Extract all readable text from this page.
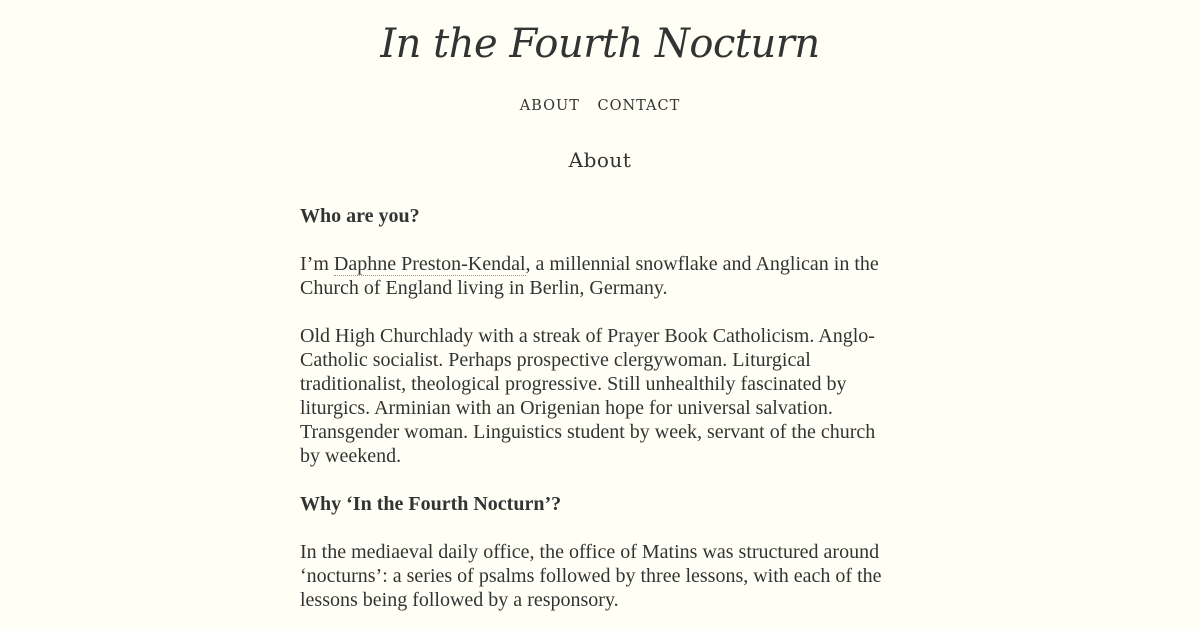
In the Fourth Nocturn
ABOUT CONTACT
About

Who are you?

I’m Daphne Preston-Kendal, a millennial snowflake and Anglican in the Church of England living in Berlin, Germany.

Old High Churchlady with a streak of Prayer Book Catholicism. Anglo-Catholic socialist. Perhaps prospective clergywoman. Liturgical traditionalist, theological progressive. Still unhealthily fascinated by liturgics. Arminian with an Origenian hope for universal salvation. Transgender woman. Linguistics student by week, servant of the church by weekend.

Why ‘In the Fourth Nocturn’?

In the mediaeval daily office, the office of Matins was structured around ‘nocturns’: a series of psalms followed by three lessons, with each of the lessons being followed by a responsory.
